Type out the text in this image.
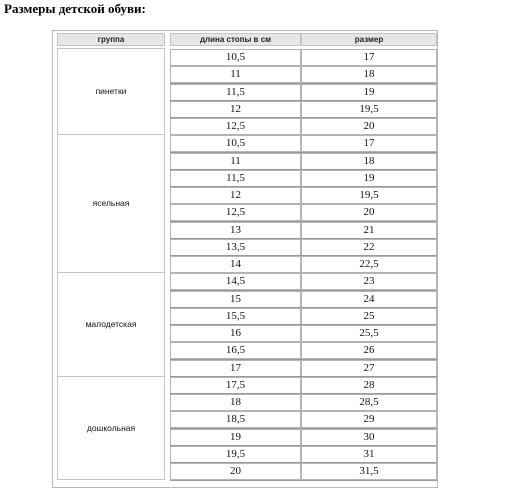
Размеры детской обуви:
группа	длина стопы в см	размер
пинетки
10,5	17
11	18
11,5	19
12	19,5
12,5	20
ясельная
10,5	17
11	18
11,5	19
12	19,5
12,5	20
13	21
13,5	22
14	22,5
малодетская
14,5	23
15	24
15,5	25
16	25,5
16,5	26
17	27
дошкольная
17,5	28
18	28,5
18,5	29
19	30
19,5	31
20	31,5
